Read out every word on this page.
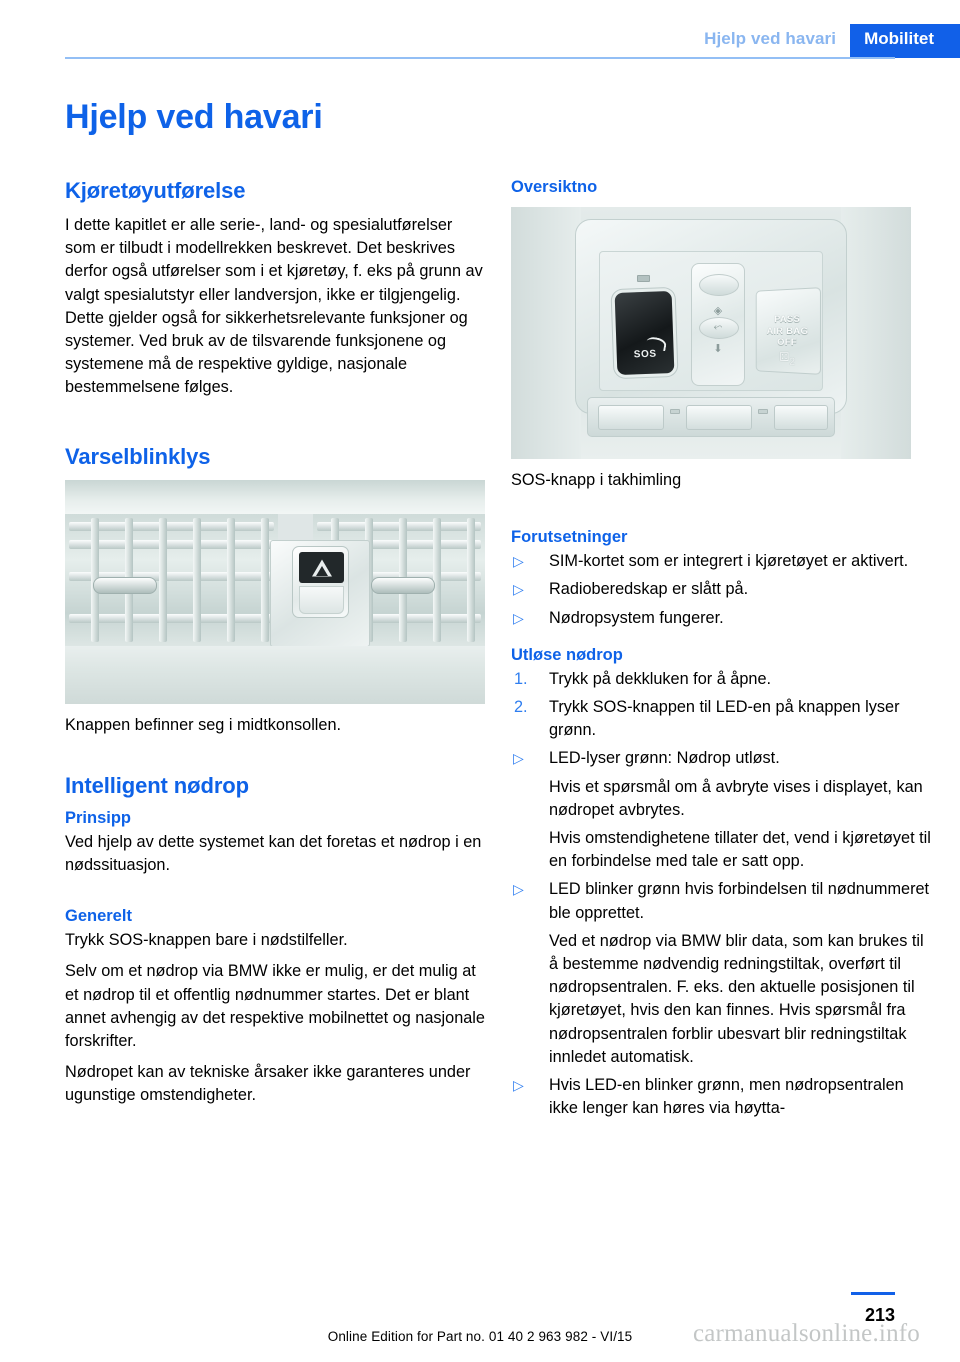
Hjelp ved havari	Mobilitet
Hjelp ved havari
Kjøretøyutførelse

I dette kapitlet er alle serie-, land- og spesialutførelser som er tilbudt i modellrekken beskrevet. Det beskrives derfor også utførelser som i et kjøretøy, f. eks på grunn av valgt spesialutstyr eller landversjon, ikke er tilgjengelig. Dette gjelder også for sikkerhetsrelevante funksjoner og systemer. Ved bruk av de tilsvarende funksjonene og systemene må de respektive gyldige, nasjonale bestemmelsene følges.

Varselblinklys

Knappen befinner seg i midtkonsollen.

Intelligent nødrop
Prinsipp

Ved hjelp av dette systemet kan det foretas et nødrop i en nødssituasjon.

Generelt

Trykk SOS-knappen bare i nødstilfeller.

Selv om et nødrop via BMW ikke er mulig, er det mulig at et nødrop til et offentlig nødnummer startes. Det er blant annet avhengig av det respektive mobilnettet og nasjonale forskrifter.

Nødropet kan av tekniske årsaker ikke garanteres under ugunstige omstendigheter.

Oversiktno
SOS
◈
⬿
⬇
PASS
AIR BAG
OFF
$⚃_2$

SOS-knapp i takhimling

Forutsetninger
▷ SIM-kortet som er integrert i kjøretøyet er aktivert.
▷ Radioberedskap er slått på.
▷ Nødropsystem fungerer.
Utløse nødrop
1. Trykk på dekkluken for å åpne.
2. Trykk SOS-knappen til LED-en på knappen lyser grønn.
▷ LED-lyser grønn: Nødrop utløst.
Hvis et spørsmål om å avbryte vises i displayet, kan nødropet avbrytes.
Hvis omstendighetene tillater det, vend i kjøretøyet til en forbindelse med tale er satt opp.
▷ LED blinker grønn hvis forbindelsen til nødnummeret ble opprettet.
Ved et nødrop via BMW blir data, som kan brukes til å bestemme nødvendig redningstiltak, overført til nødropsentralen. F. eks. den aktuelle posisjonen til kjøretøyet, hvis den kan finnes. Hvis spørsmål fra nødropsentralen forblir ubesvart blir redningstiltak innledet automatisk.
▷ Hvis LED-en blinker grønn, men nødropsentralen ikke lenger kan høres via høytta-
213
Online Edition for Part no. 01 40 2 963 982 - VI/15	carmanualsonline.info
